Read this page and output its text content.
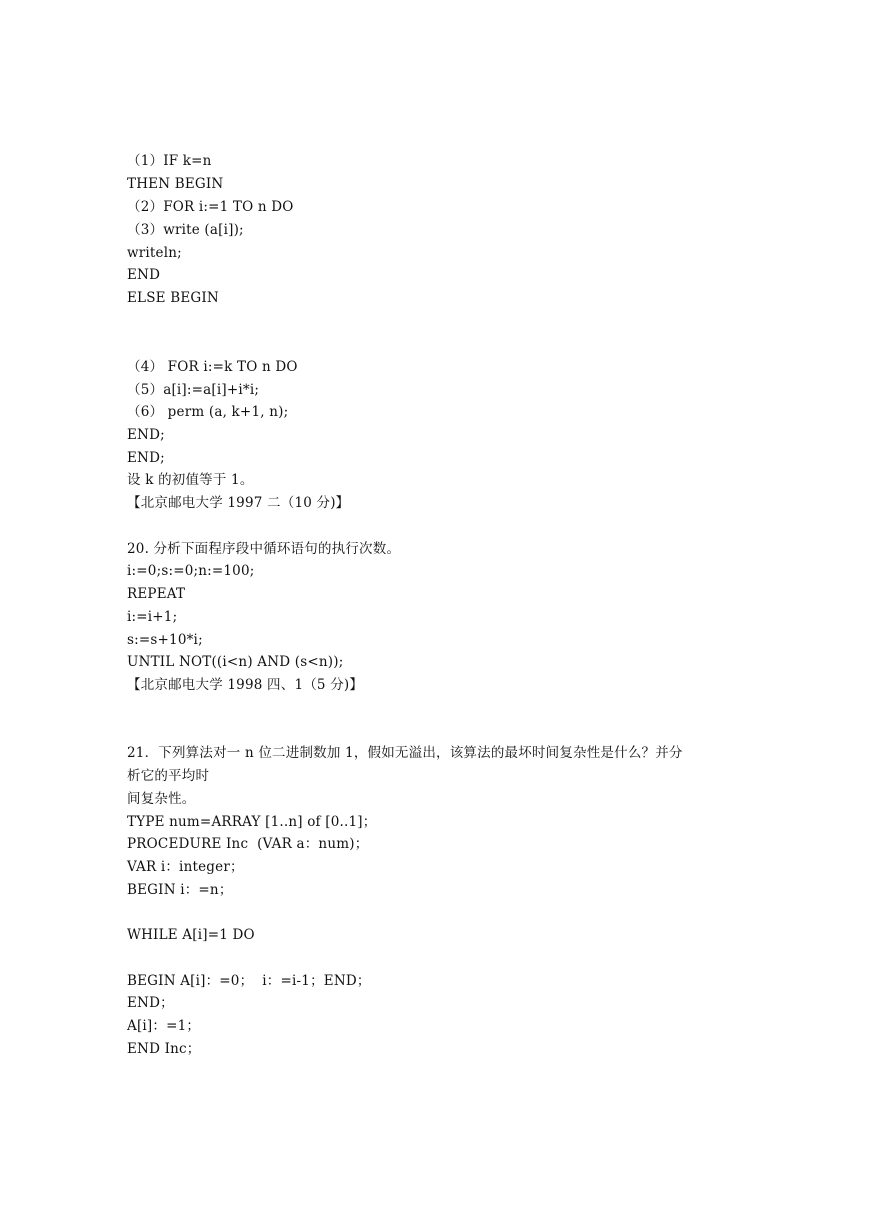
（1）IF k=n
THEN BEGIN
（2）FOR i:=1 TO n DO
（3）write (a[i]);
writeln;
END
ELSE BEGIN
（4） FOR i:=k TO n DO
（5）a[i]:=a[i]+i*i;
（6） perm (a, k+1, n);
END;
END;
设 k 的初值等于 1。
【北京邮电大学 1997 二（10 分)】
20. 分析下面程序段中循环语句的执行次数。
i:=0;s:=0;n:=100;
REPEAT
i:=i+1;
s:=s+10*i;
UNTIL NOT((i<n) AND (s<n));
【北京邮电大学 1998 四、1（5 分)】
21．下列算法对一 n 位二进制数加 1，假如无溢出，该算法的最坏时间复杂性是什么？并分
析它的平均时
间复杂性。
TYPE num=ARRAY [1..n] of [0..1]；
PROCEDURE Inc  (VAR a：num)；
VAR i：integer；
BEGIN i：=n；
WHILE A[i]=1 DO
BEGIN A[i]：=0；  i：=i-1；END；
END；
A[i]：=1；
END Inc；
